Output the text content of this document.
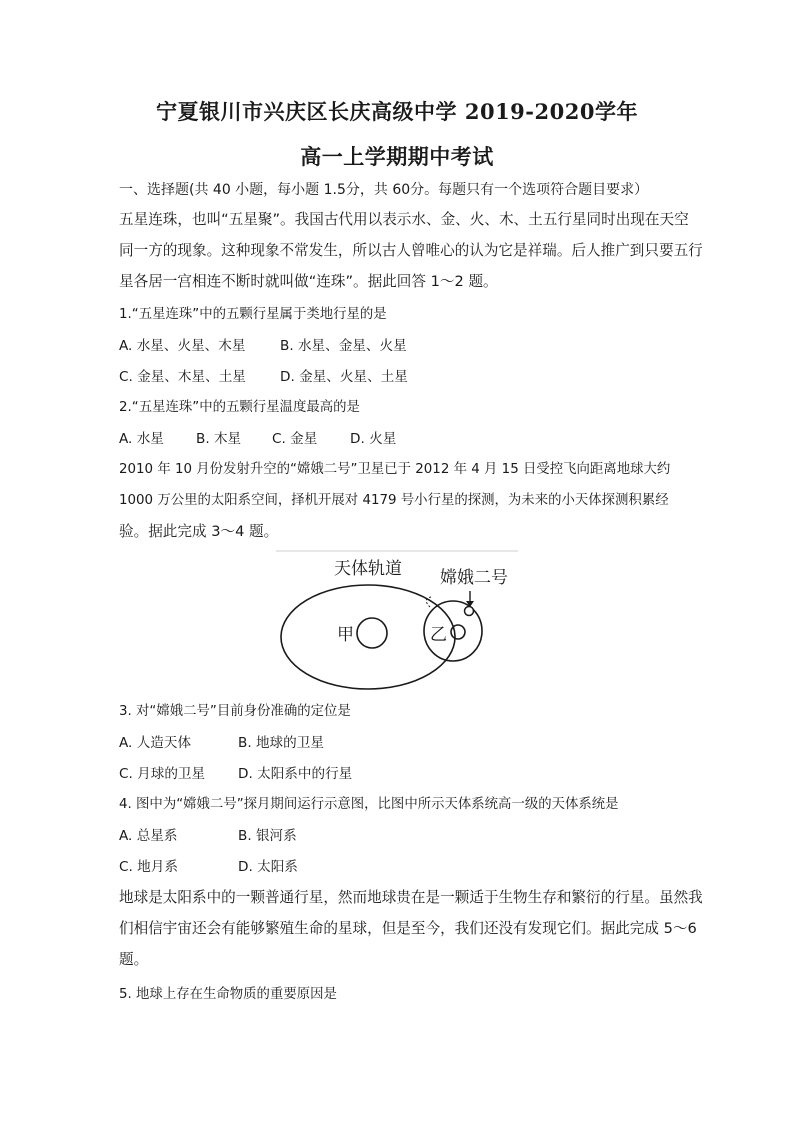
宁夏银川市兴庆区长庆高级中学 2019-2020学年
高一上学期期中考试
一、选择题(共 40 小题，每小题 1.5分，共 60分。每题只有一个选项符合题目要求）
五星连珠，也叫“五星聚”。我国古代用以表示水、金、火、木、土五行星同时出现在天空
同一方的现象。这种现象不常发生，所以古人曾唯心的认为它是祥瑞。后人推广到只要五行
星各居一宫相连不断时就叫做“连珠”。据此回答 1～2 题。
1.“五星连珠”中的五颗行星属于类地行星的是
A. 水星、火星、木星	B. 水星、金星、火星
C. 金星、木星、土星	D. 金星、火星、土星
2.“五星连珠”中的五颗行星温度最高的是
A. 水星 B. 木星 C. 金星 D. 火星
2010 年 10 月份发射升空的“嫦娥二号”卫星已于 2012 年 4 月 15 日受控飞向距离地球大约
1000 万公里的太阳系空间，择机开展对 4179 号小行星的探测，为未来的小天体探测积累经
验。据此完成 3～4 题。
天体轨道 嫦娥二号
甲	乙
3. 对“嫦娥二号”目前身份准确的定位是
A. 人造天体	B. 地球的卫星
C. 月球的卫星 D. 太阳系中的行星
4. 图中为“嫦娥二号”探月期间运行示意图，比图中所示天体系统高一级的天体系统是
A. 总星系	B. 银河系
C. 地月系	D. 太阳系
地球是太阳系中的一颗普通行星，然而地球贵在是一颗适于生物生存和繁衍的行星。虽然我
们相信宇宙还会有能够繁殖生命的星球，但是至今，我们还没有发现它们。据此完成 5～6
题。
5. 地球上存在生命物质的重要原因是
